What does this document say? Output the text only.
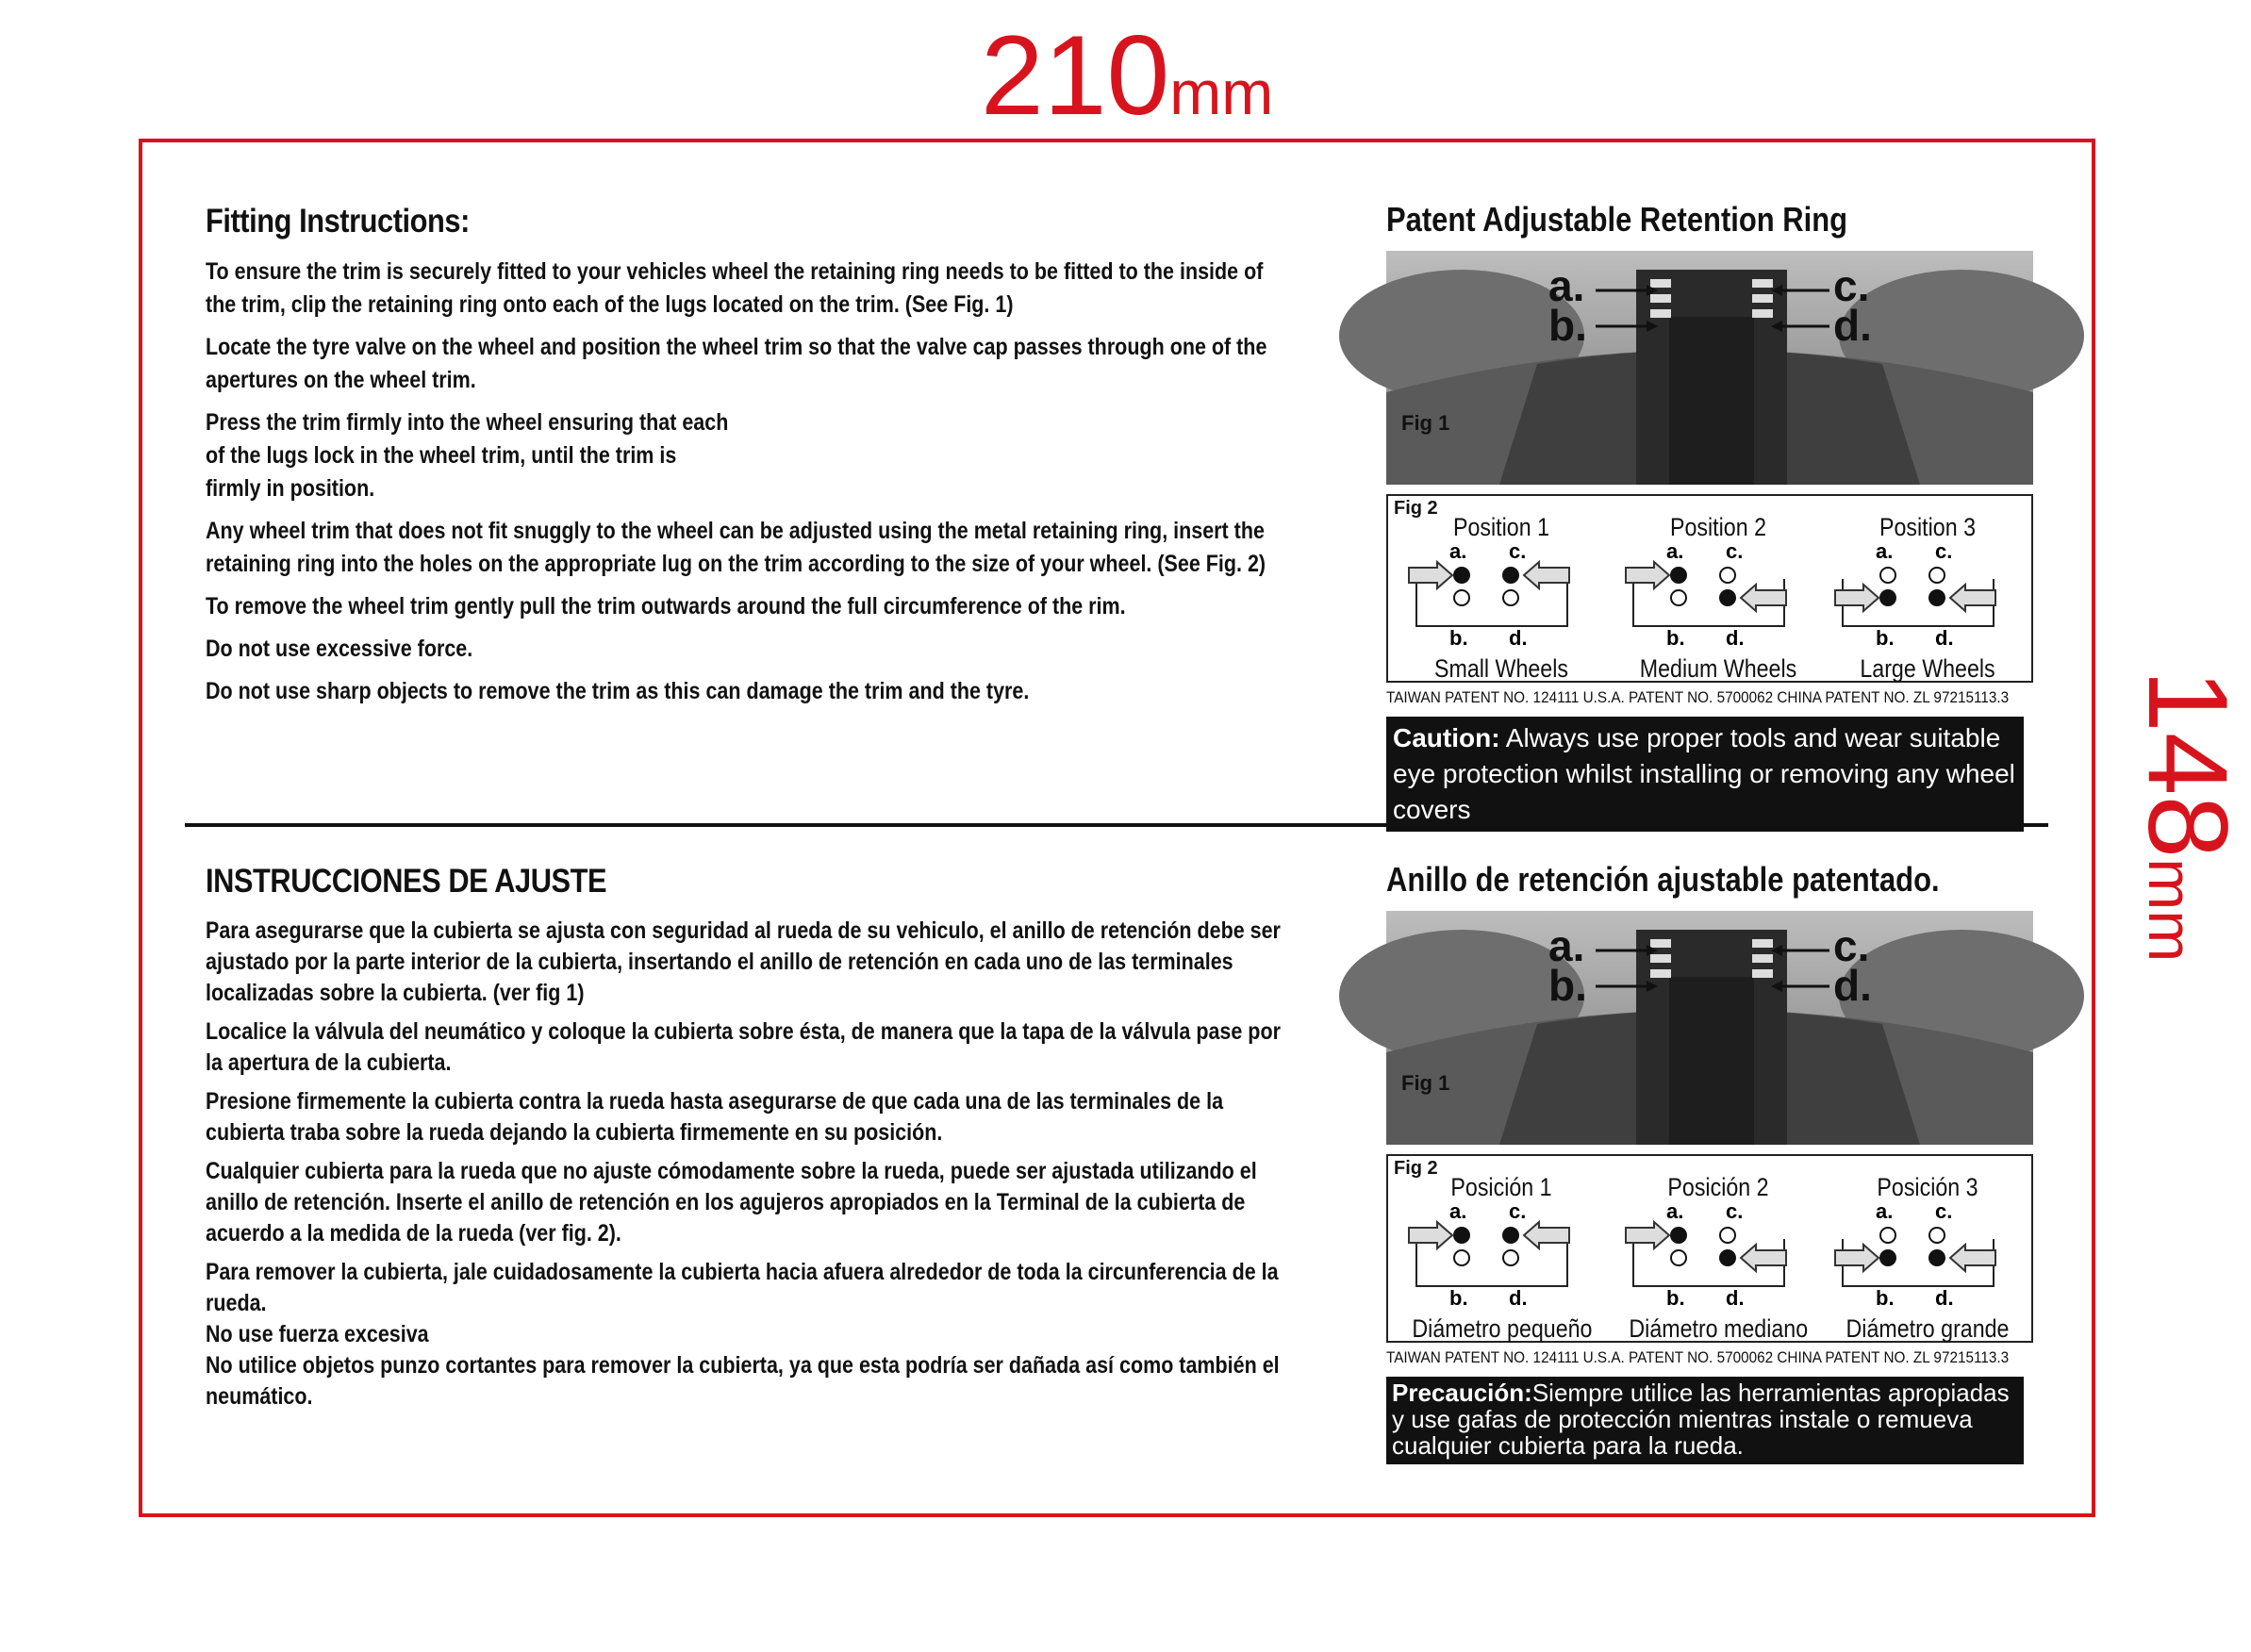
210mm
148mm
Fitting Instructions:
To ensure the trim is securely fitted to your vehicles wheel the retaining ring needs to be fitted to the inside of the trim, clip the retaining ring onto each of the lugs located on the trim. (See Fig. 1)
Locate the tyre valve on the wheel and position the wheel trim so that the valve cap passes through one of the apertures on the wheel trim.
Press the trim firmly into the wheel ensuring that each
of the lugs lock in the wheel trim, until the trim is
firmly in position.
Any wheel trim that does not fit snuggly to the wheel can be adjusted using the metal retaining ring, insert the retaining ring into the holes on the appropriate lug on the trim according to the size of your wheel. (See Fig. 2)
To remove the wheel trim gently pull the trim outwards around the full circumference of the rim.
Do not use excessive force.
Do not use sharp objects to remove the trim as this can damage the trim and the tyre.
Patent Adjustable Retention Ring
a.
b.
c.
d.
Fig 1
Fig 2
Position 1
a. c.
b. d.
Small Wheels
Position 2
a. c.
b. d.
Medium Wheels
Position 3
a. c.
b. d.
Large Wheels
TAIWAN PATENT NO. 124111 U.S.A. PATENT NO. 5700062 CHINA PATENT NO. ZL 97215113.3
Caution: Always use proper tools and wear suitable eye protection whilst installing or removing any wheel covers
INSTRUCCIONES DE AJUSTE
Para asegurarse que la cubierta se ajusta con seguridad al rueda de su vehiculo, el anillo de retención debe ser ajustado por la parte interior de la cubierta, insertando el anillo de retención en cada uno de las terminales localizadas sobre la cubierta. (ver fig 1)
Localice la válvula del neumático y coloque la cubierta sobre ésta, de manera que la tapa de la válvula pase por la apertura de la cubierta.
Presione firmemente la cubierta contra la rueda hasta asegurarse de que cada una de las terminales de la cubierta traba sobre la rueda dejando la cubierta firmemente en su posición.
Cualquier cubierta para la rueda que no ajuste cómodamente sobre la rueda, puede ser ajustada utilizando el anillo de retención. Inserte el anillo de retención en los agujeros apropiados en la Terminal de la cubierta de acuerdo a la medida de la rueda (ver fig. 2).
Para remover la cubierta, jale cuidadosamente la cubierta hacia afuera alrededor de toda la circunferencia de la rueda.
No use fuerza excesiva
No utilice objetos punzo cortantes para remover la cubierta, ya que esta podría ser dañada así como también el neumático.
Anillo de retención ajustable patentado.
a.
b.
c.
d.
Fig 1
Fig 2
Posición 1
a. c.
b. d.
Diámetro pequeño
Posición 2
a. c.
b. d.
Diámetro mediano
Posición 3
a. c.
b. d.
Diámetro grande
TAIWAN PATENT NO. 124111 U.S.A. PATENT NO. 5700062 CHINA PATENT NO. ZL 97215113.3
Precaución:Siempre utilice las herramientas apropiadas y use gafas de protección mientras instale o remueva cualquier cubierta para la rueda.
